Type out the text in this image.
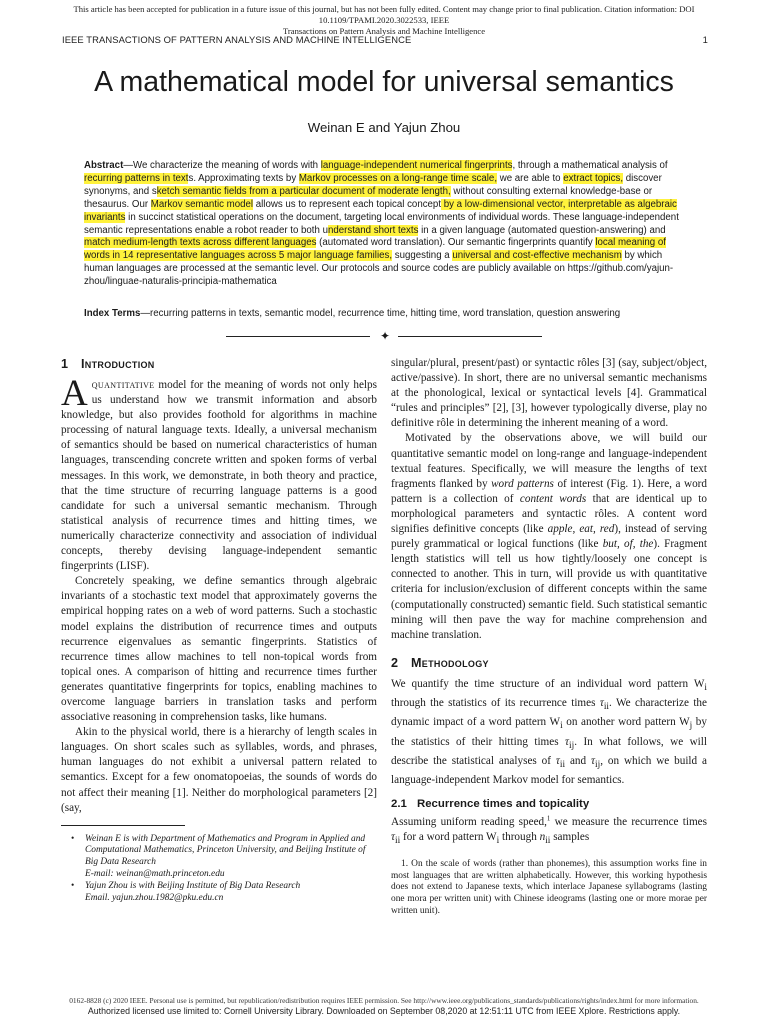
This article has been accepted for publication in a future issue of this journal, but has not been fully edited. Content may change prior to final publication. Citation information: DOI 10.1109/TPAMI.2020.3022533, IEEE
Transactions on Pattern Analysis and Machine Intelligence
IEEE TRANSACTIONS OF PATTERN ANALYSIS AND MACHINE INTELLIGENCE	1
A mathematical model for universal semantics
Weinan E and Yajun Zhou

Abstract—We characterize the meaning of words with language-independent numerical fingerprints, through a mathematical analysis of recurring patterns in texts. Approximating texts by Markov processes on a long-range time scale, we are able to extract topics, discover synonyms, and sketch semantic fields from a particular document of moderate length, without consulting external knowledge-base or thesaurus. Our Markov semantic model allows us to represent each topical concept by a low-dimensional vector, interpretable as algebraic invariants in succinct statistical operations on the document, targeting local environments of individual words. These language-independent semantic representations enable a robot reader to both understand short texts in a given language (automated question-answering) and match medium-length texts across different languages (automated word translation). Our semantic fingerprints quantify local meaning of words in 14 representative languages across 5 major language families, suggesting a universal and cost-effective mechanism by which human languages are processed at the semantic level. Our protocols and source codes are publicly available on https://github.com/yajun-zhou/linguae-naturalis-principia-mathematica

Index Terms—recurring patterns in texts, semantic model, recurrence time, hitting time, word translation, question answering

✦
1 Introduction

Aquantitative model for the meaning of words not only helps us understand how we transmit information and absorb knowledge, but also provides foothold for algorithms in machine processing of natural language texts. Ideally, a universal mechanism of semantics should be based on numerical characteristics of human languages, transcending concrete written and spoken forms of verbal messages. In this work, we demonstrate, in both theory and practice, that the time structure of recurring language patterns is a good candidate for such a universal semantic mechanism. Through statistical analysis of recurrence times and hitting times, we numerically characterize connectivity and association of individual concepts, thereby devising language-independent semantic fingerprints (LISF).

Concretely speaking, we define semantics through algebraic invariants of a stochastic text model that approximately governs the empirical hopping rates on a web of word patterns. Such a stochastic model explains the distribution of recurrence times and outputs recurrence eigenvalues as semantic fingerprints. Statistics of recurrence times allow machines to tell non-topical words from topical ones. A comparison of hitting and recurrence times further generates quantitative fingerprints for topics, enabling machines to overcome language barriers in translation tasks and perform associative reasoning in comprehension tasks, like humans.

Akin to the physical world, there is a hierarchy of length scales in languages. On short scales such as syllables, words, and phrases, human languages do not exhibit a universal pattern related to semantics. Except for a few onomatopoeias, the sounds of words do not affect their meaning [1]. Neither do morphological parameters [2] (say,

• Weinan E is with Department of Mathematics and Program in Applied and Computational Mathematics, Princeton University, and Beijing Institute of Big Data Research
E-mail: weinan@math.princeton.edu
• Yajun Zhou is with Beijing Institute of Big Data Research
Email. yajun.zhou.1982@pku.edu.cn

singular/plural, present/past) or syntactic rôles [3] (say, subject/object, active/passive). In short, there are no universal semantic mechanisms at the phonological, lexical or syntactical levels [4]. Grammatical “rules and principles” [2], [3], however typologically diverse, play no definitive rôle in determining the inherent meaning of a word.

Motivated by the observations above, we will build our quantitative semantic model on long-range and language-independent textual features. Specifically, we will measure the lengths of text fragments flanked by word patterns of interest (Fig. 1). Here, a word pattern is a collection of content words that are identical up to morphological parameters and syntactic rôles. A content word signifies definitive concepts (like apple, eat, red), instead of serving purely grammatical or logical functions (like but, of, the). Fragment length statistics will tell us how tightly/loosely one concept is connected to another. This in turn, will provide us with quantitative criteria for inclusion/exclusion of different concepts within the same (computationally constructed) semantic field. Such statistical semantic mining will then pave the way for machine comprehension and machine translation.

2 Methodology

We quantify the time structure of an individual word pattern $W_i$ through the statistics of its recurrence times $\tau_{ii}$. We characterize the dynamic impact of a word pattern $W_i$ on another word pattern $W_j$ by the statistics of their hitting times $\tau_{ij}$. In what follows, we will describe the statistical analyses of $\tau_{ii}$ and $\tau_{ij}$, on which we build a language-independent Markov model for semantics.

2.1 Recurrence times and topicality

Assuming uniform reading speed,$^1$ we measure the recurrence times $\tau_{ii}$ for a word pattern $W_i$ through $n_{ii}$ samples

1. On the scale of words (rather than phonemes), this assumption works fine in most languages that are written alphabetically. However, this working hypothesis does not extend to Japanese texts, which interlace Japanese syllabograms (lasting one mora per written unit) with Chinese ideograms (lasting one or more morae per written unit).

0162-8828 (c) 2020 IEEE. Personal use is permitted, but republication/redistribution requires IEEE permission. See http://www.ieee.org/publications_standards/publications/rights/index.html for more information.
Authorized licensed use limited to: Cornell University Library. Downloaded on September 08,2020 at 12:51:11 UTC from IEEE Xplore. Restrictions apply.
